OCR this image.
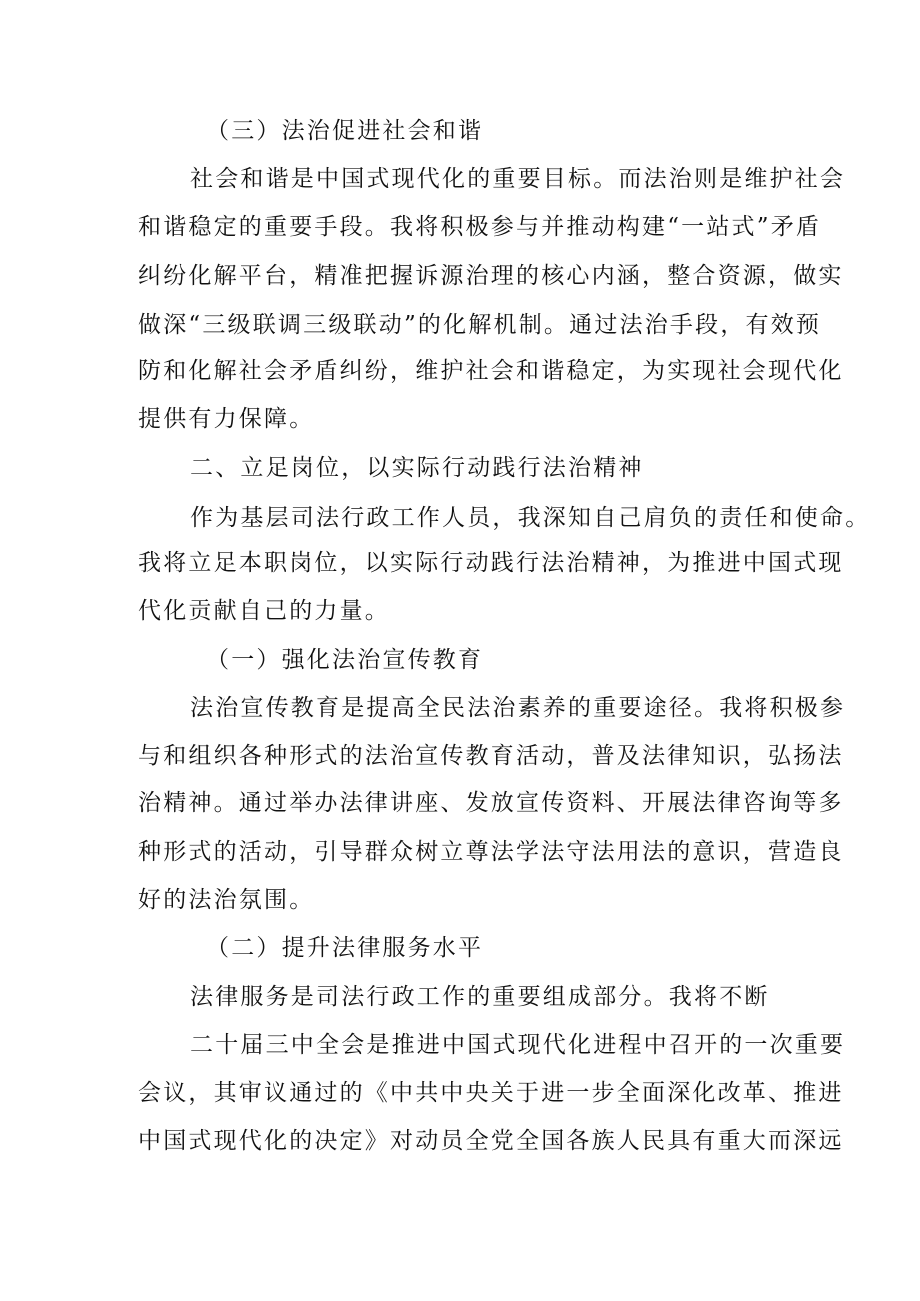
（三）法治促进社会和谐
社会和谐是中国式现代化的重要目标。而法治则是维护社会
和谐稳定的重要手段。我将积极参与并推动构建“一站式”矛盾
纠纷化解平台，精准把握诉源治理的核心内涵，整合资源，做实
做深“三级联调三级联动”的化解机制。通过法治手段，有效预
防和化解社会矛盾纠纷，维护社会和谐稳定，为实现社会现代化
提供有力保障。
二、立足岗位，以实际行动践行法治精神
作为基层司法行政工作人员，我深知自己肩负的责任和使命。
我将立足本职岗位，以实际行动践行法治精神，为推进中国式现
代化贡献自己的力量。
（一）强化法治宣传教育
法治宣传教育是提高全民法治素养的重要途径。我将积极参
与和组织各种形式的法治宣传教育活动，普及法律知识，弘扬法
治精神。通过举办法律讲座、发放宣传资料、开展法律咨询等多
种形式的活动，引导群众树立尊法学法守法用法的意识，营造良
好的法治氛围。
（二）提升法律服务水平
法律服务是司法行政工作的重要组成部分。我将不断
二十届三中全会是推进中国式现代化进程中召开的一次重要
会议，其审议通过的《中共中央关于进一步全面深化改革、推进
中国式现代化的决定》对动员全党全国各族人民具有重大而深远
